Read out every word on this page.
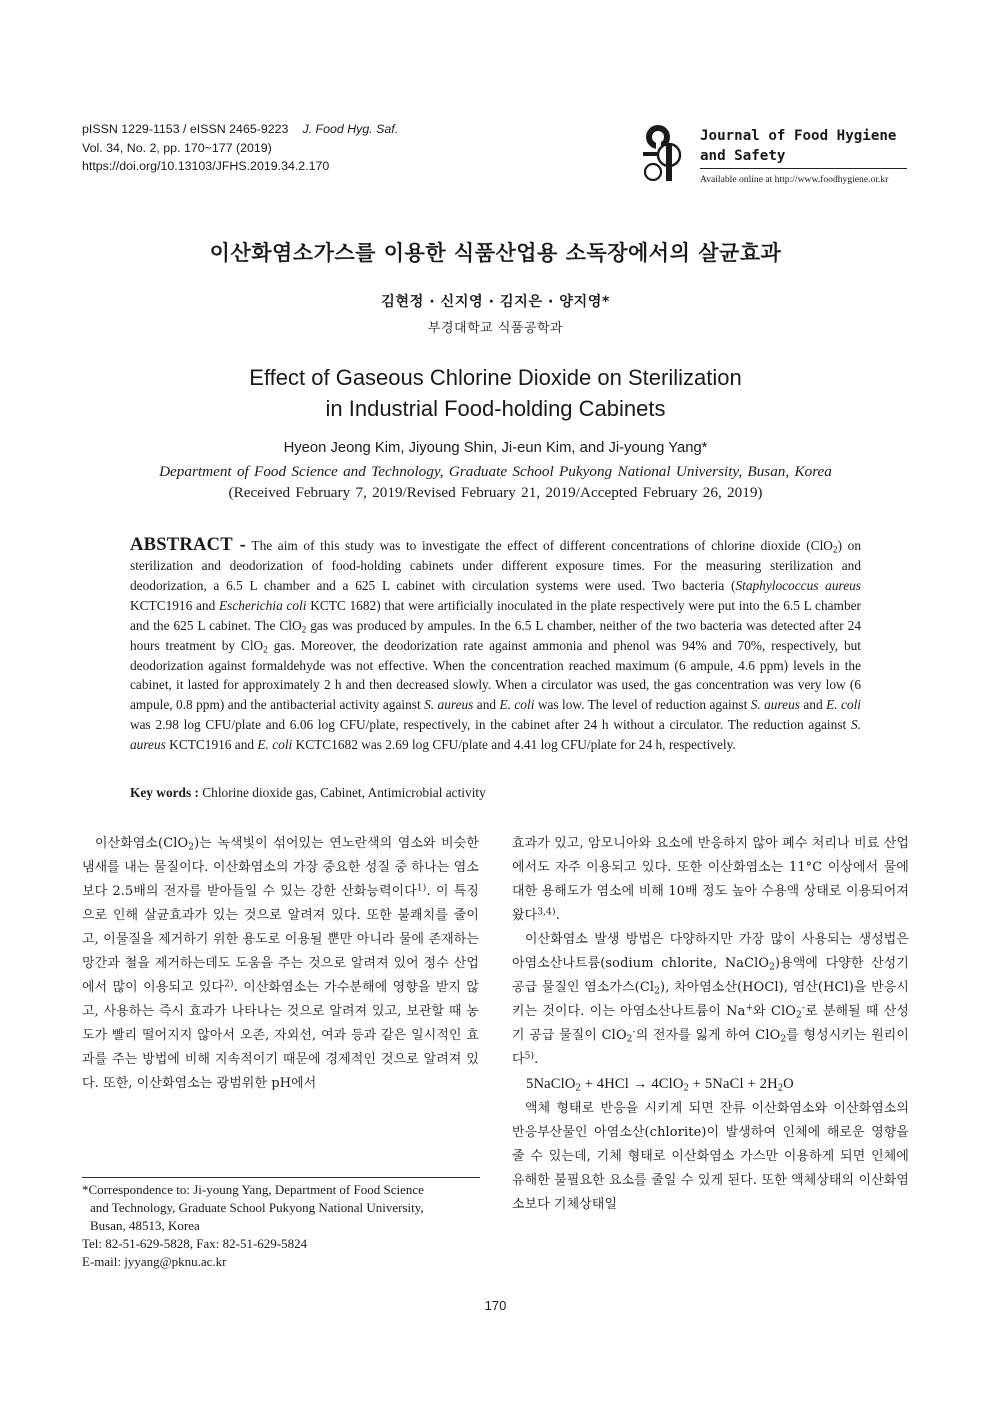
pISSN 1229-1153 / eISSN 2465-9223 J. Food Hyg. Saf.
Vol. 34, No. 2, pp. 170~177 (2019)
https://doi.org/10.13103/JFHS.2019.34.2.170
Journal of Food Hygiene
and Safety
Available online at http://www.foodhygiene.or.kr
이산화염소가스를 이용한 식품산업용 소독장에서의 살균효과
김현정 · 신지영 · 김지은 · 양지영*
부경대학교 식품공학과
Effect of Gaseous Chlorine Dioxide on Sterilization
in Industrial Food-holding Cabinets
Hyeon Jeong Kim, Jiyoung Shin, Ji-eun Kim, and Ji-young Yang*
Department of Food Science and Technology, Graduate School Pukyong National University, Busan, Korea
(Received February 7, 2019/Revised February 21, 2019/Accepted February 26, 2019)
ABSTRACT - The aim of this study was to investigate the effect of different concentrations of chlorine dioxide (ClO$_2$) on sterilization and deodorization of food-holding cabinets under different exposure times. For the measuring sterilization and deodorization, a 6.5 L chamber and a 625 L cabinet with circulation systems were used. Two bacteria (Staphylococcus aureus KCTC1916 and Escherichia coli KCTC 1682) that were artificially inoculated in the plate respectively were put into the 6.5 L chamber and the 625 L cabinet. The ClO$_2$ gas was produced by ampules. In the 6.5 L chamber, neither of the two bacteria was detected after 24 hours treatment by ClO$_2$ gas. Moreover, the deodorization rate against ammonia and phenol was 94% and 70%, respectively, but deodorization against formaldehyde was not effective. When the concentration reached maximum (6 ampule, 4.6 ppm) levels in the cabinet, it lasted for approximately 2 h and then decreased slowly. When a circulator was used, the gas concentration was very low (6 ampule, 0.8 ppm) and the antibacterial activity against S. aureus and E. coli was low. The level of reduction against S. aureus and E. coli was 2.98 log CFU/plate and 6.06 log CFU/plate, respectively, in the cabinet after 24 h without a circulator. The reduction against S. aureus KCTC1916 and E. coli KCTC1682 was 2.69 log CFU/plate and 4.41 log CFU/plate for 24 h, respectively.
Key words : Chlorine dioxide gas, Cabinet, Antimicrobial activity

이산화염소(ClO$_2$)는 녹색빛이 섞어있는 연노란색의 염소와 비슷한 냄새를 내는 물질이다. 이산화염소의 가장 중요한 성질 중 하나는 염소보다 2.5배의 전자를 받아들일 수 있는 강한 산화능력이다$^{1)}$. 이 특징으로 인해 살균효과가 있는 것으로 알려져 있다. 또한 불쾌치를 줄이고, 이물질을 제거하기 위한 용도로 이용될 뿐만 아니라 물에 존재하는 망간과 철을 제거하는데도 도움을 주는 것으로 알려져 있어 정수 산업에서 많이 이용되고 있다$^{2)}$. 이산화염소는 가수분해에 영향을 받지 않고, 사용하는 즉시 효과가 나타나는 것으로 알려져 있고, 보관할 때 농도가 빨리 떨어지지 않아서 오존, 자외선, 여과 등과 같은 일시적인 효과를 주는 방법에 비해 지속적이기 때문에 경제적인 것으로 알려져 있다. 또한, 이산화염소는 광범위한 pH에서

*Correspondence to: Ji-young Yang, Department of Food Science
and Technology, Graduate School Pukyong National University,
Busan, 48513, Korea
Tel: 82-51-629-5828, Fax: 82-51-629-5824
E-mail: jyyang@pknu.ac.kr

효과가 있고, 암모니아와 요소에 반응하지 않아 폐수 처리나 비료 산업에서도 자주 이용되고 있다. 또한 이산화염소는 11°C 이상에서 물에 대한 용해도가 염소에 비해 10배 정도 높아 수용액 상태로 이용되어져 왔다$^{3,4)}$.

이산화염소 발생 방법은 다양하지만 가장 많이 사용되는 생성법은 아염소산나트륨(sodium chlorite, NaClO$_2$)용액에 다양한 산성기 공급 물질인 염소가스$(Cl_2)$, 차아염소산(HOCl), 염산(HCl)을 반응시키는 것이다. 이는 아염소산나트륨이 Na+와 ClO$_2$-로 분해될 때 산성기 공급 물질이 ClO$_2$-의 전자를 잃게 하여 ClO$_2$를 형성시키는 원리이다$^{5)}$.

5NaClO$_2$ + 4HCl → 4ClO$_2$ + 5NaCl + $2H_2O$

액체 형태로 반응을 시키게 되면 잔류 이산화염소와 이산화염소의 반응부산물인 아염소산(chlorite)이 발생하여 인체에 해로운 영향을 줄 수 있는데, 기체 형태로 이산화염소 가스만 이용하게 되면 인체에 유해한 불필요한 요소를 줄일 수 있게 된다. 또한 액체상태의 이산화염소보다 기체상태일

170
